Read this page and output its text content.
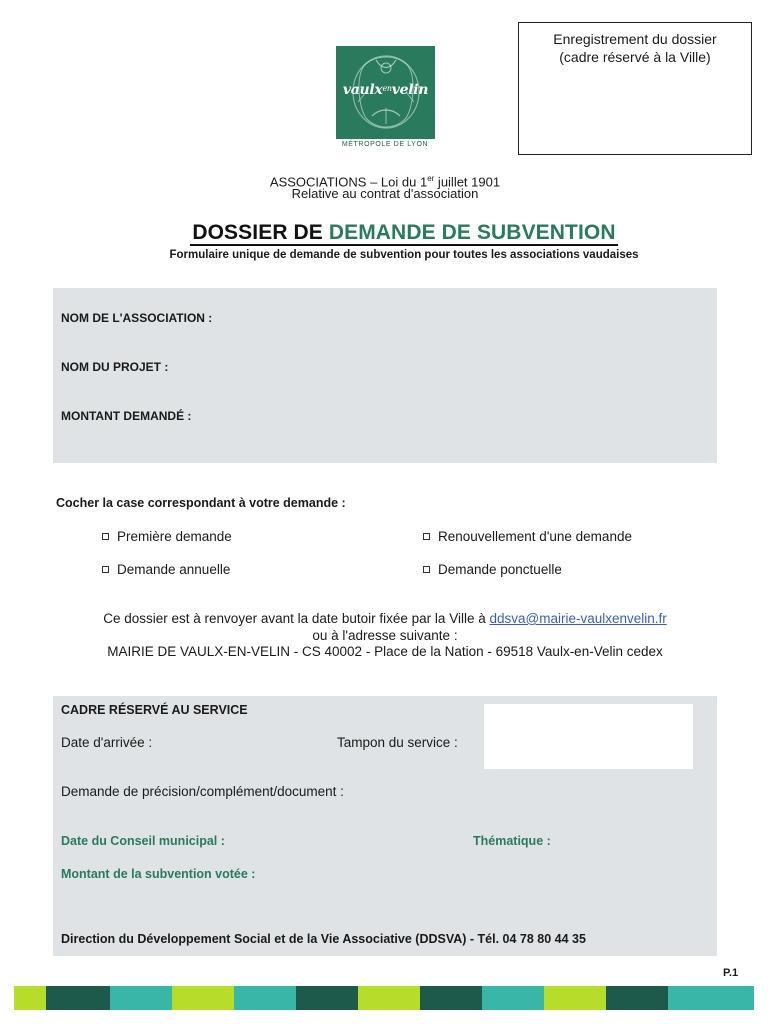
Enregistrement du dossier

(cadre réservé à la Ville)

vaulx$^{en}$velin
MÉTROPOLE DE LYON
ASSOCIATIONS – Loi du 1er juillet 1901
Relative au contrat d'association
DOSSIER DE DEMANDE DE SUBVENTION
Formulaire unique de demande de subvention pour toutes les associations vaudaises
NOM DE L'ASSOCIATION :
NOM DU PROJET :
MONTANT DEMANDÉ :
Cocher la case correspondant à votre demande :
Première demande	Renouvellement d'une demande
Demande annuelle	Demande ponctuelle
Ce dossier est à renvoyer avant la date butoir fixée par la Ville à ddsva@mairie-vaulxenvelin.fr
ou à l'adresse suivante :
MAIRIE DE VAULX-EN-VELIN - CS 40002 - Place de la Nation - 69518 Vaulx-en-Velin cedex
CADRE RÉSERVÉ AU SERVICE
Date d'arrivée :	Tampon du service :
Demande de précision/complément/document :
Date du Conseil municipal :	Thématique :
Montant de la subvention votée :
Direction du Développement Social et de la Vie Associative (DDSVA) - Tél. 04 78 80 44 35
P.1
